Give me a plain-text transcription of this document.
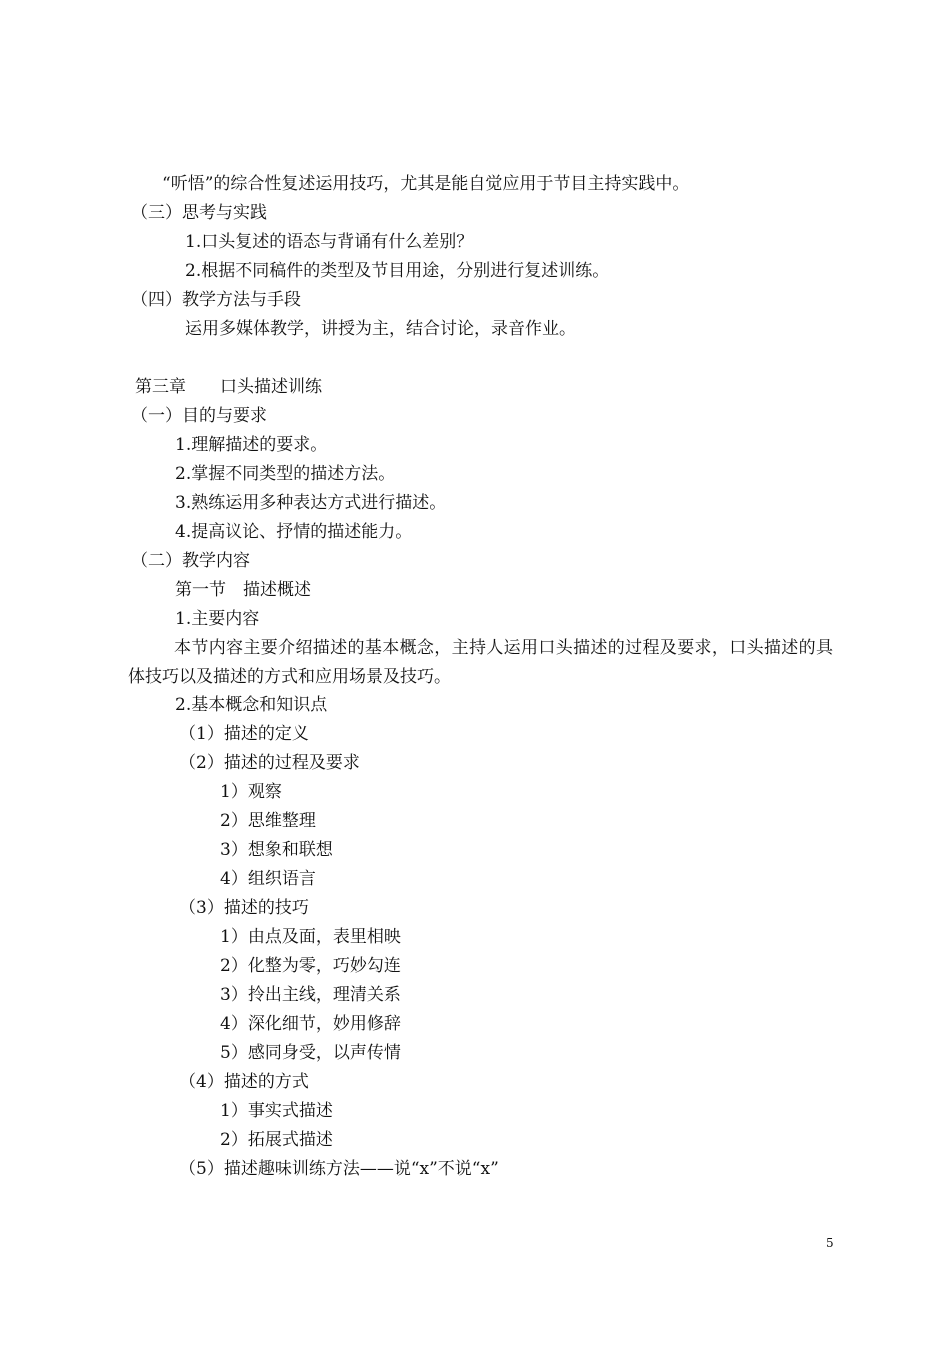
“听悟”的综合性复述运用技巧，尤其是能自觉应用于节目主持实践中。
（三）思考与实践
1.口头复述的语态与背诵有什么差别？
2.根据不同稿件的类型及节目用途，分别进行复述训练。
（四）教学方法与手段
运用多媒体教学，讲授为主，结合讨论，录音作业。
第三章　　口头描述训练
（一）目的与要求
1.理解描述的要求。
2.掌握不同类型的描述方法。
3.熟练运用多种表达方式进行描述。
4.提高议论、抒情的描述能力。
（二）教学内容
第一节　描述概述
1.主要内容
本节内容主要介绍描述的基本概念，主持人运用口头描述的过程及要求，口头描述的具体技巧以及描述的方式和应用场景及技巧。
2.基本概念和知识点
（1）描述的定义
（2）描述的过程及要求
1）观察
2）思维整理
3）想象和联想
4）组织语言
（3）描述的技巧
1）由点及面，表里相映
2）化整为零，巧妙勾连
3）拎出主线，理清关系
4）深化细节，妙用修辞
5）感同身受，以声传情
（4）描述的方式
1）事实式描述
2）拓展式描述
（5）描述趣味训练方法——说“x”不说“x”
5
